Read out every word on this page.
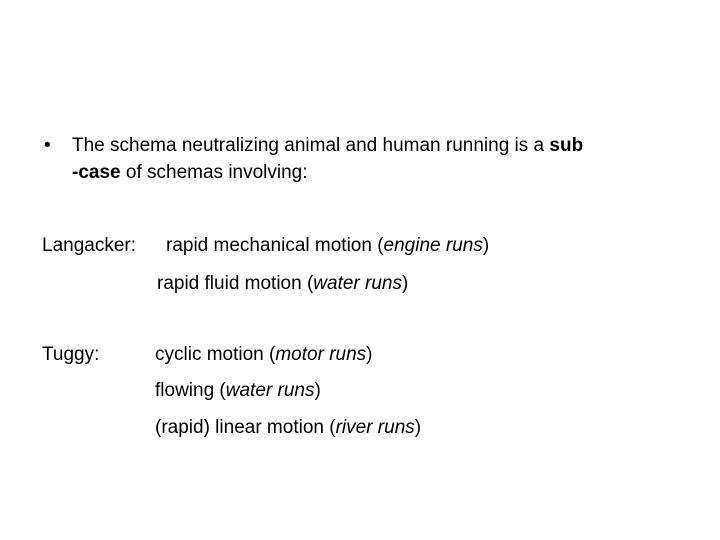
• The schema neutralizing animal and human running is a sub
-case of schemas involving:
Langacker: rapid mechanical motion (engine runs)
rapid fluid motion (water runs)
Tuggy:	cyclic motion (motor runs)
flowing (water runs)
(rapid) linear motion (river runs)
